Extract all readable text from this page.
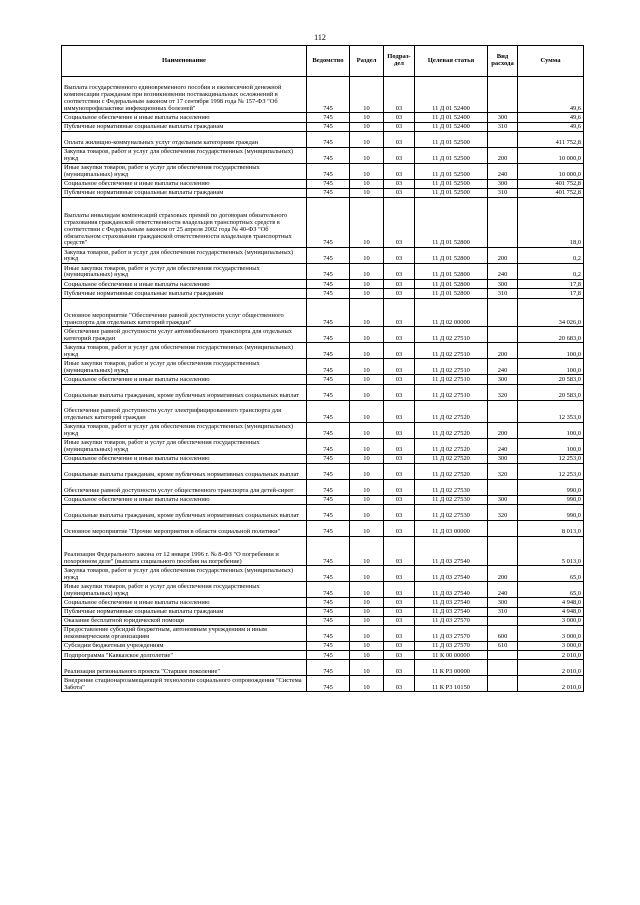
112
Наименование	Ведомство	Раздел	Подраз-дел	Целевая статья	Вид расхода	Сумма
Выплата государственного единовременного пособия и ежемесячной денежной компенсации гражданам при возникновении поствакцинальных осложнений в соответствии с Федеральным законом от 17 сентября 1998 года № 157-ФЗ "Об иммунопрофилактике инфекционных болезней"	745	10	03	11 Д 01 52400		49,6
Социальное обеспечение и иные выплаты населению	745	10	03	11 Д 01 52400	300	49,6
Публичные нормативные социальные выплаты гражданам	745	10	03	11 Д 01 52400	310	49,6
Оплата жилищно-коммунальных услуг отдельным категориям граждан	745	10	03	11 Д 01 52500		411 752,8
Закупка товаров, работ и услуг для обеспечения государственных (муниципальных) нужд	745	10	03	11 Д 01 52500	200	10 000,0
Иные закупки товаров, работ и услуг для обеспечения государственных (муниципальных) нужд	745	10	03	11 Д 01 52500	240	10 000,0
Социальное обеспечение и иные выплаты населению	745	10	03	11 Д 01 52500	300	401 752,8
Публичные нормативные социальные выплаты гражданам	745	10	03	11 Д 01 52500	310	401 752,8
Выплаты инвалидам компенсаций страховых премий по договорам обязательного страхования гражданской ответственности владельцев транспортных средств в соответствии с Федеральным законом от 25 апреля 2002 года № 40-ФЗ "Об обязательном страховании гражданской ответственности владельцев транспортных средств"	745	10	03	11 Д 01 52800		18,0
Закупка товаров, работ и услуг для обеспечения государственных (муниципальных) нужд	745	10	03	11 Д 01 52800	200	0,2
Иные закупки товаров, работ и услуг для обеспечения государственных (муниципальных) нужд	745	10	03	11 Д 01 52800	240	0,2
Социальное обеспечение и иные выплаты населению	745	10	03	11 Д 01 52800	300	17,8
Публичные нормативные социальные выплаты гражданам	745	10	03	11 Д 01 52800	310	17,8
Основное мероприятие "Обеспечение равной доступности услуг общественного транспорта для отдельных категорий граждан"	745	10	03	11 Д 02 00000		34 026,0
Обеспечение равной доступности услуг автомобильного транспорта для отдельных категорий граждан	745	10	03	11 Д 02 27510		20 683,0
Закупка товаров, работ и услуг для обеспечения государственных (муниципальных) нужд	745	10	03	11 Д 02 27510	200	100,0
Иные закупки товаров, работ и услуг для обеспечения государственных (муниципальных) нужд	745	10	03	11 Д 02 27510	240	100,0
Социальное обеспечение и иные выплаты населению	745	10	03	11 Д 02 27510	300	20 583,0
Социальные выплаты гражданам, кроме публичных нормативных социальных выплат	745	10	03	11 Д 02 27510	320	20 583,0
Обеспечение равной доступности услуг электрифицированного транспорта для отдельных категорий граждан	745	10	03	11 Д 02 27520		12 353,0
Закупка товаров, работ и услуг для обеспечения государственных (муниципальных) нужд	745	10	03	11 Д 02 27520	200	100,0
Иные закупки товаров, работ и услуг для обеспечения государственных (муниципальных) нужд	745	10	03	11 Д 02 27520	240	100,0
Социальное обеспечение и иные выплаты населению	745	10	03	11 Д 02 27520	300	12 253,0
Социальные выплаты гражданам, кроме публичных нормативных социальных выплат	745	10	03	11 Д 02 27520	320	12 253,0
Обеспечение равной доступности услуг общественного транспорта для детей-сирот	745	10	03	11 Д 02 27530		990,0
Социальное обеспечение и иные выплаты населению	745	10	03	11 Д 02 27530	300	990,0
Социальные выплаты гражданам, кроме публичных нормативных социальных выплат	745	10	03	11 Д 02 27530	320	990,0
Основное мероприятие "Прочие мероприятия в области социальной политики"	745	10	03	11 Д 03 00000		8 013,0
Реализация Федерального закона от 12 января 1996 г. № 8-ФЗ "О погребении и похоронном деле" (выплата социального пособия на погребение)	745	10	03	11 Д 03 27540		5 013,0
Закупка товаров, работ и услуг для обеспечения государственных (муниципальных) нужд	745	10	03	11 Д 03 27540	200	65,0
Иные закупки товаров, работ и услуг для обеспечения государственных (муниципальных) нужд	745	10	03	11 Д 03 27540	240	65,0
Социальное обеспечение и иные выплаты населению	745	10	03	11 Д 03 27540	300	4 948,0
Публичные нормативные социальные выплаты гражданам	745	10	03	11 Д 03 27540	310	4 948,0
Оказание бесплатной юридической помощи	745	10	03	11 Д 03 27570		3 000,0
Предоставление субсидий бюджетным, автономным учреждениям и иным некоммерческим организациям	745	10	03	11 Д 03 27570	600	3 000,0
Субсидии бюджетным учреждениям	745	10	03	11 Д 03 27570	610	3 000,0
Подпрограмма "Кавказское долголетие"	745	10	03	11 К 00 00000		2 010,0
Реализация регионального проекта "Старшее поколение"	745	10	03	11 К Р3 00000		2 010,0
Внедрение стационарозамещающей технологии социального сопровождения "Система Забота"	745	10	03	11 К Р3 10150		2 010,0
